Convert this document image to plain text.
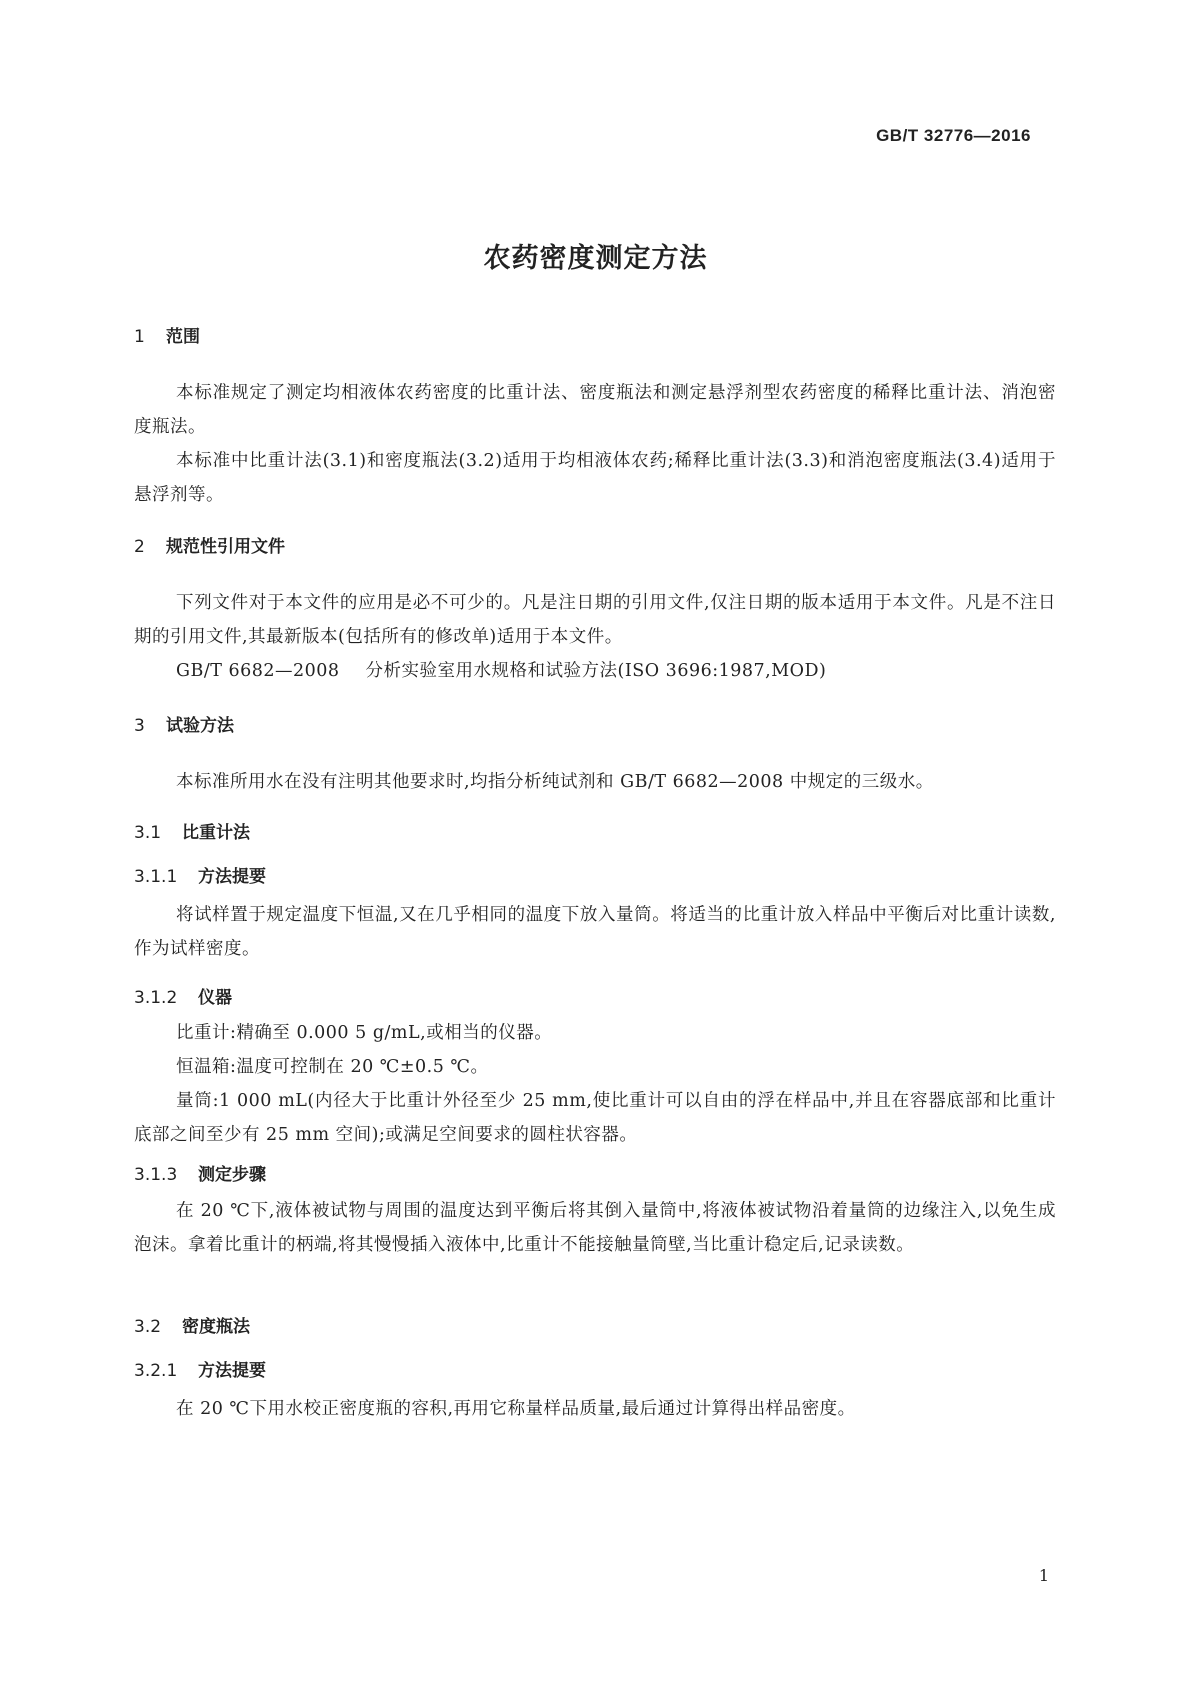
GB/T 32776—2016
农药密度测定方法
1 范围
本标准规定了测定均相液体农药密度的比重计法、密度瓶法和测定悬浮剂型农药密度的稀释比重计法、消泡密度瓶法。
本标准中比重计法(3.1)和密度瓶法(3.2)适用于均相液体农药;稀释比重计法(3.3)和消泡密度瓶法(3.4)适用于悬浮剂等。
2 规范性引用文件
下列文件对于本文件的应用是必不可少的。凡是注日期的引用文件,仅注日期的版本适用于本文件。凡是不注日期的引用文件,其最新版本(包括所有的修改单)适用于本文件。
GB/T 6682—2008 分析实验室用水规格和试验方法(ISO 3696:1987,MOD)
3 试验方法
本标准所用水在没有注明其他要求时,均指分析纯试剂和 GB/T 6682—2008 中规定的三级水。
3.1 比重计法
3.1.1 方法提要
将试样置于规定温度下恒温,又在几乎相同的温度下放入量筒。将适当的比重计放入样品中平衡后对比重计读数,作为试样密度。
3.1.2 仪器
比重计:精确至 0.000 5 g/mL,或相当的仪器。
恒温箱:温度可控制在 20 ℃±0.5 ℃。
量筒:1 000 mL(内径大于比重计外径至少 25 mm,使比重计可以自由的浮在样品中,并且在容器底部和比重计底部之间至少有 25 mm 空间);或满足空间要求的圆柱状容器。
3.1.3 测定步骤
在 20 ℃下,液体被试物与周围的温度达到平衡后将其倒入量筒中,将液体被试物沿着量筒的边缘注入,以免生成泡沫。拿着比重计的柄端,将其慢慢插入液体中,比重计不能接触量筒壁,当比重计稳定后,记录读数。
3.2 密度瓶法
3.2.1 方法提要
在 20 ℃下用水校正密度瓶的容积,再用它称量样品质量,最后通过计算得出样品密度。
1
